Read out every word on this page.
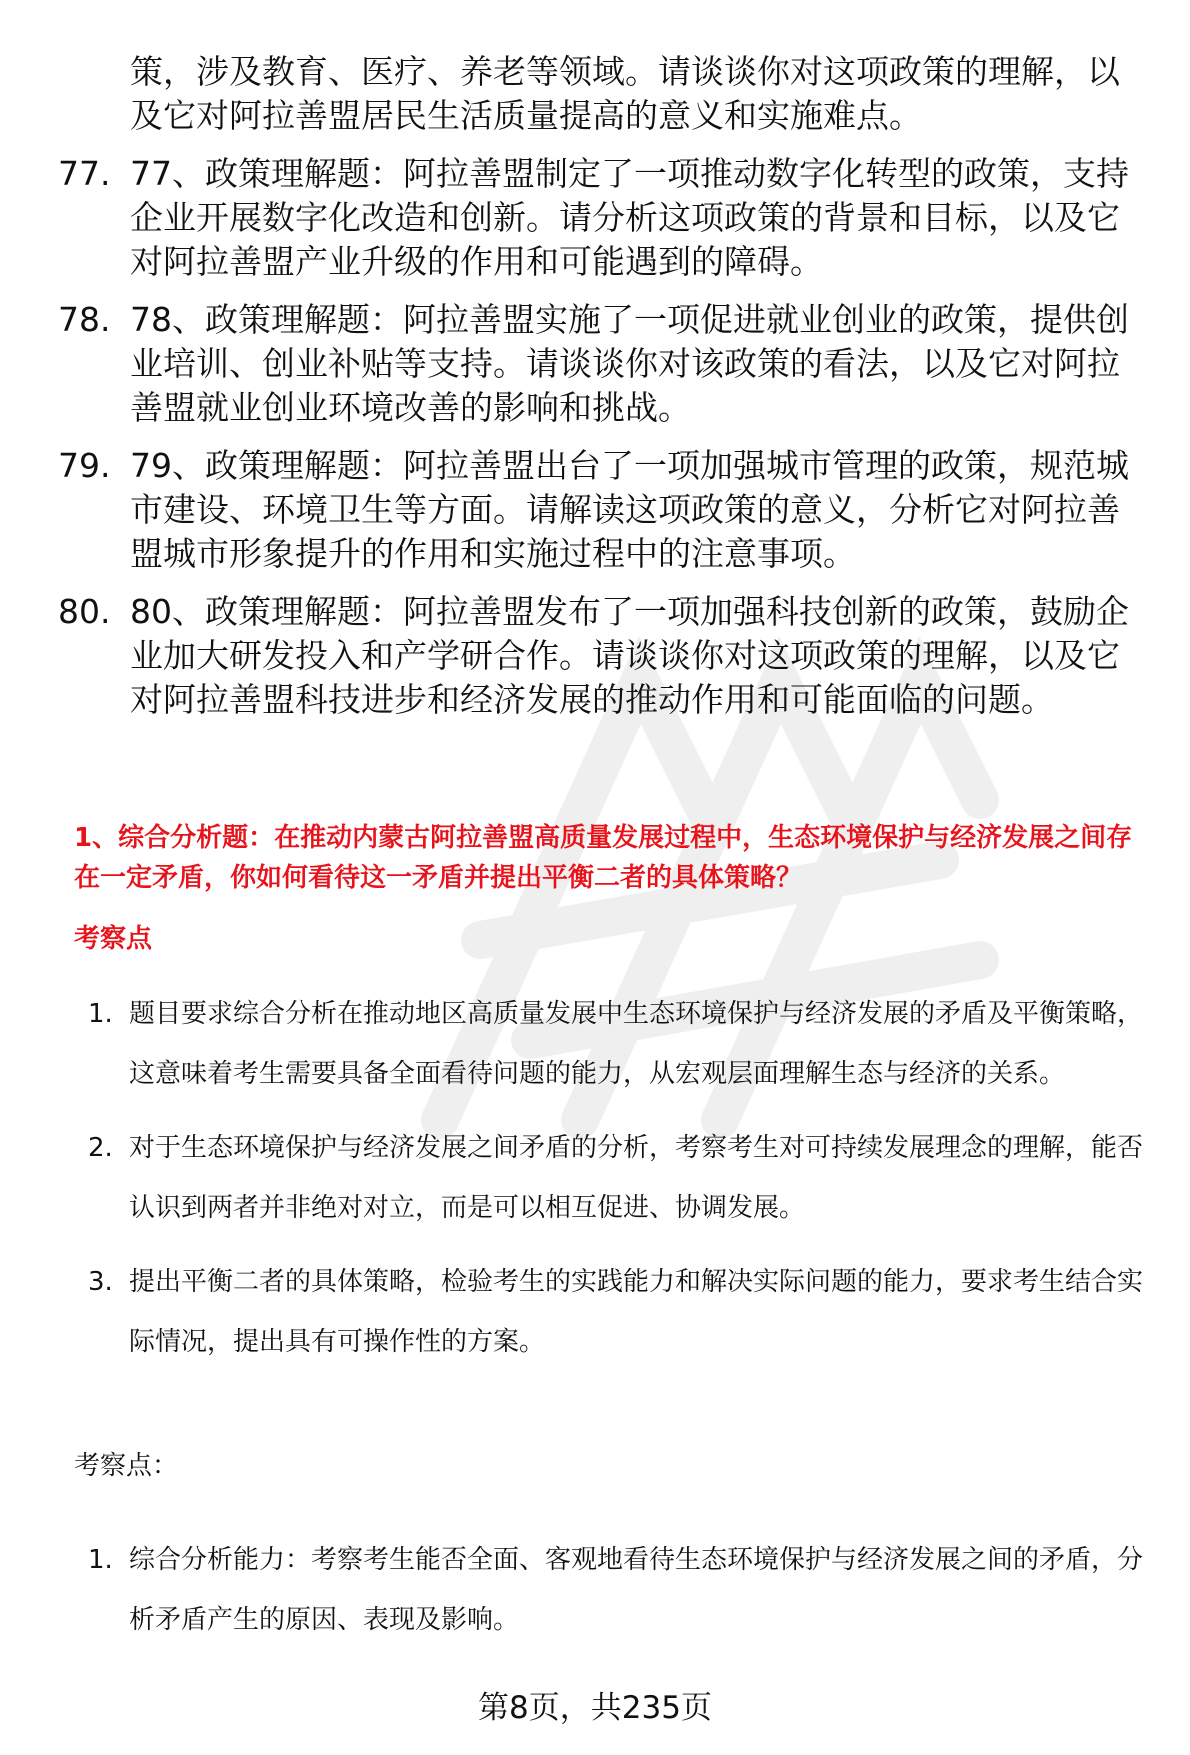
策，涉及教育、医疗、养老等领域。请谈谈你对这项政策的理解，以及它对阿拉善盟居民生活质量提高的意义和实施难点。
77. 77、政策理解题：阿拉善盟制定了一项推动数字化转型的政策，支持企业开展数字化改造和创新。请分析这项政策的背景和目标，以及它对阿拉善盟产业升级的作用和可能遇到的障碍。
78. 78、政策理解题：阿拉善盟实施了一项促进就业创业的政策，提供创业培训、创业补贴等支持。请谈谈你对该政策的看法，以及它对阿拉善盟就业创业环境改善的影响和挑战。
79. 79、政策理解题：阿拉善盟出台了一项加强城市管理的政策，规范城市建设、环境卫生等方面。请解读这项政策的意义，分析它对阿拉善盟城市形象提升的作用和实施过程中的注意事项。
80. 80、政策理解题：阿拉善盟发布了一项加强科技创新的政策，鼓励企业加大研发投入和产学研合作。请谈谈你对这项政策的理解，以及它对阿拉善盟科技进步和经济发展的推动作用和可能面临的问题。
1、综合分析题：在推动内蒙古阿拉善盟高质量发展过程中，生态环境保护与经济发展之间存在一定矛盾，你如何看待这一矛盾并提出平衡二者的具体策略？
考察点
1. 题目要求综合分析在推动地区高质量发展中生态环境保护与经济发展的矛盾及平衡策略，这意味着考生需要具备全面看待问题的能力，从宏观层面理解生态与经济的关系。
2. 对于生态环境保护与经济发展之间矛盾的分析，考察考生对可持续发展理念的理解，能否认识到两者并非绝对对立，而是可以相互促进、协调发展。
3. 提出平衡二者的具体策略，检验考生的实践能力和解决实际问题的能力，要求考生结合实际情况，提出具有可操作性的方案。
考察点：
1. 综合分析能力：考察考生能否全面、客观地看待生态环境保护与经济发展之间的矛盾，分析矛盾产生的原因、表现及影响。
第8页，共235页
